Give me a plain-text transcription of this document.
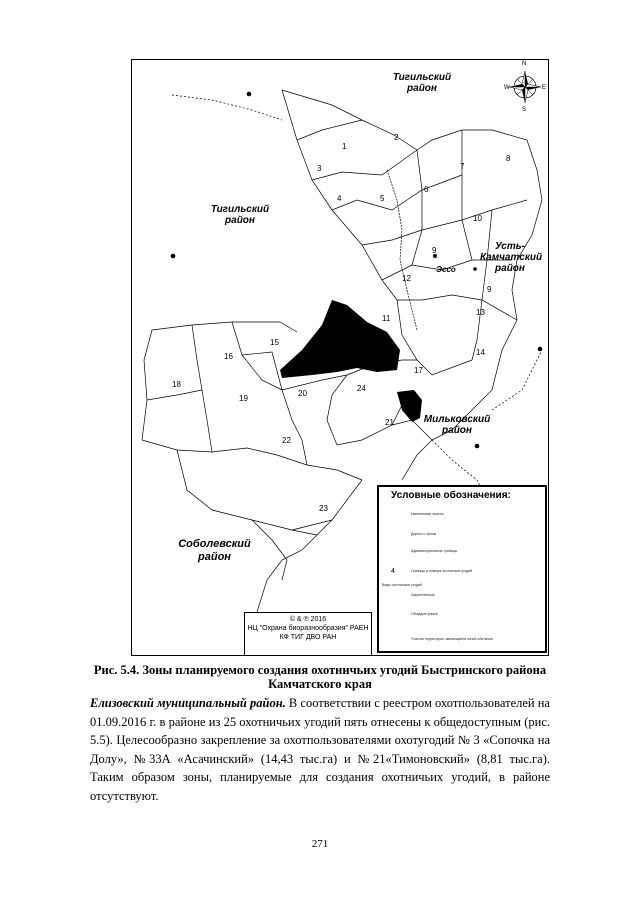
Тигильский
район
Тигильский
район
Усть-
Камчатский
район
Мильковский
район
Соболевский
район
Эссо
N
S
W	E
1
2
3
4	5
6
7
8
9
9
10
11
12
13
14
15
16
17
18
19
20
21
22
23
24
Условные обозначения:
Населенные пункты
Дороги и тропы
Административные границы
4	Границы и номера охотничьих угодий
Виды охотничьих угодий
Закрепленные
Общедоступные
Участки территории, являющиеся зоной обитания
© & ℗ 2016
НЦ "Охрана биоразнообразия" РАЕН
КФ ТИГ ДВО РАН
Рис. 5.4. Зоны планируемого создания охотничьих угодий Быстринского района Камчатского края
Елизовский муниципальный район. В соответствии с реестром охотпользователей на 01.09.2016 г. в районе из 25 охотничьих угодий пять отнесены к общедоступным (рис. 5.5). Целесообразно закрепление за охотпользователями охотугодий № 3 «Сопочка на Долу», №33А «Асачинский» (14,43 тыс.га) и №21«Тимоновский» (8,81 тыс.га). Таким образом зоны, планируемые для создания охотничьих угодий, в районе отсутствуют.
271
